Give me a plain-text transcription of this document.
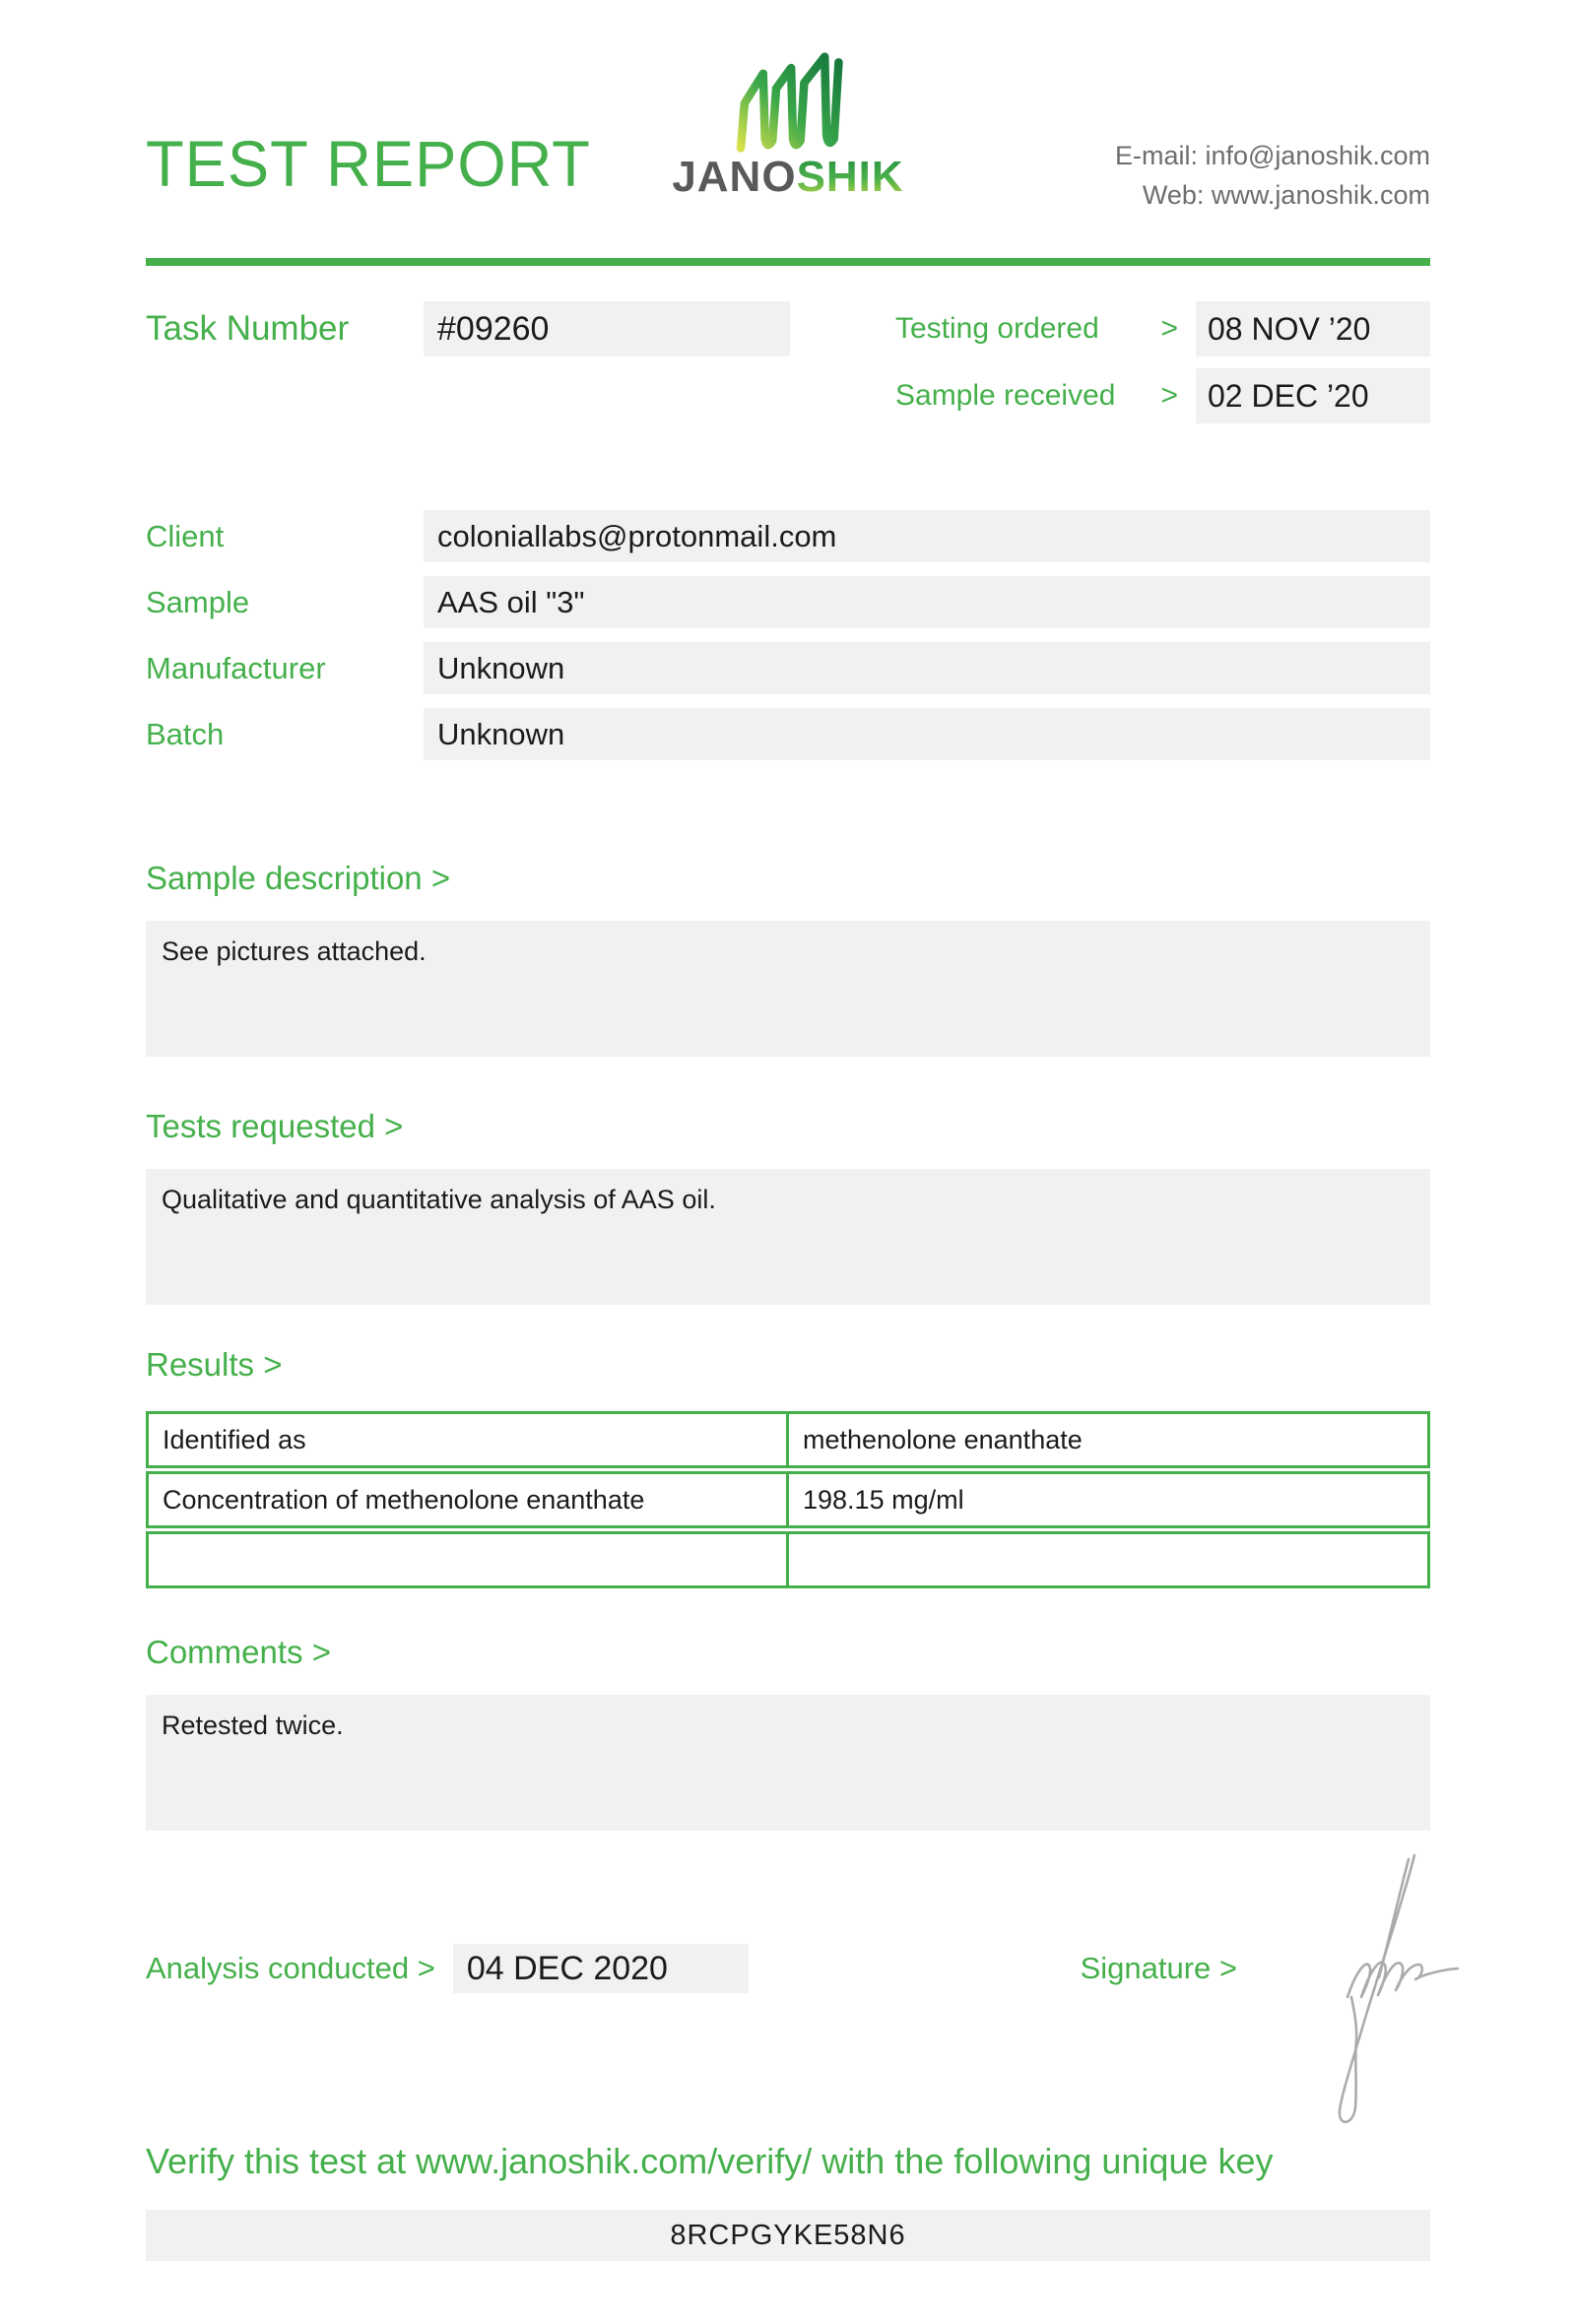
TEST REPORT JANOSHIK	E-mail: info@janoshik.com
Web: www.janoshik.com
Task Number	#09260	Testing ordered > 08 NOV ’20
Sample received > 02 DEC ’20
Client	coloniallabs@protonmail.com
Sample	AAS oil "3"
Manufacturer	Unknown
Batch	Unknown
Sample description >
See pictures attached.
Tests requested >
Qualitative and quantitative analysis of AAS oil.
Results >
Identified as	methenolone enanthate
Concentration of methenolone enanthate	198.15 mg/ml
Comments >
Retested twice.
Analysis conducted > 04 DEC 2020	Signature >
Verify this test at www.janoshik.com/verify/ with the following unique key
8RCPGYKE58N6
